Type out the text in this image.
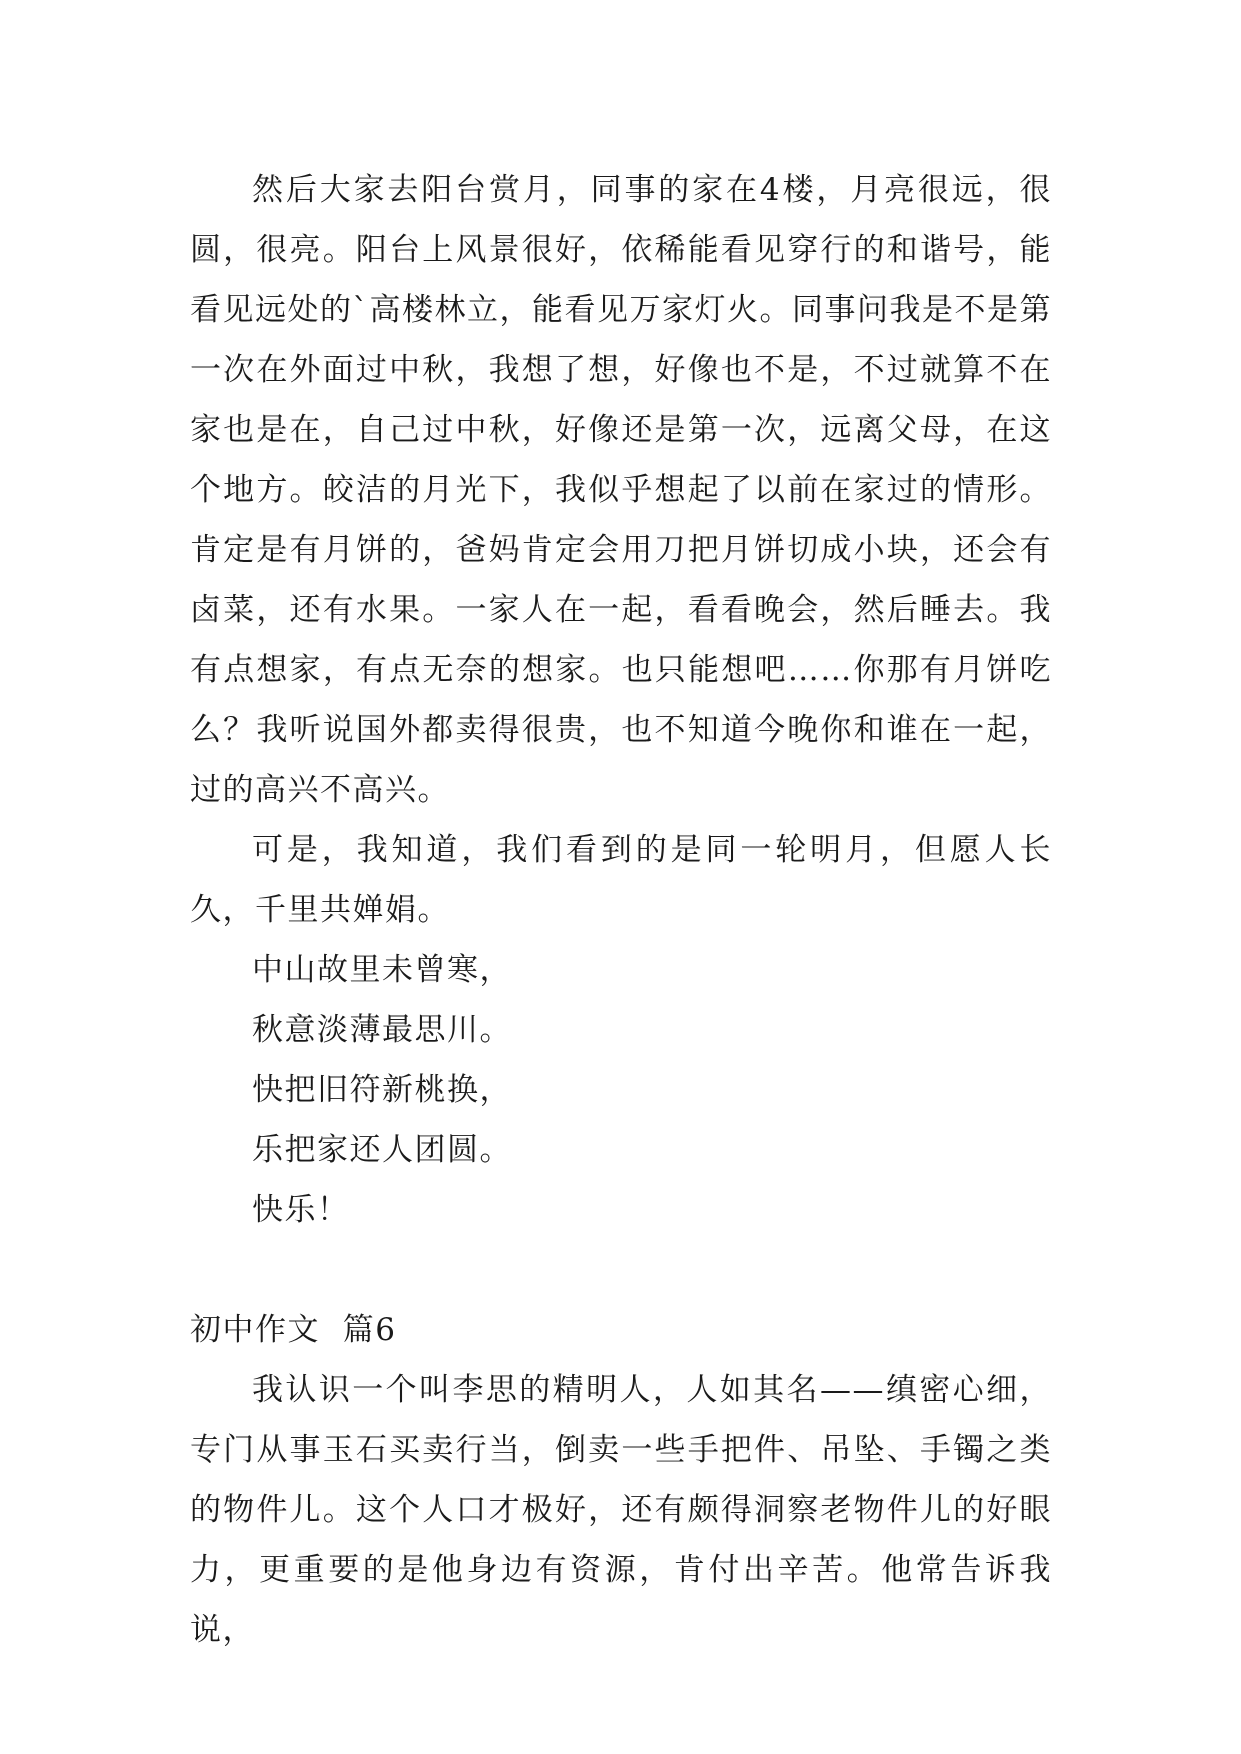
然后大家去阳台赏月，同事的家在4楼，月亮很远，很圆，很亮。阳台上风景很好，依稀能看见穿行的和谐号，能看见远处的`高楼林立，能看见万家灯火。同事问我是不是第一次在外面过中秋，我想了想，好像也不是，不过就算不在家也是在，自己过中秋，好像还是第一次，远离父母，在这个地方。皎洁的月光下，我似乎想起了以前在家过的情形。肯定是有月饼的，爸妈肯定会用刀把月饼切成小块，还会有卤菜，还有水果。一家人在一起，看看晚会，然后睡去。我有点想家，有点无奈的想家。也只能想吧……你那有月饼吃么？我听说国外都卖得很贵，也不知道今晚你和谁在一起，过的高兴不高兴。

可是，我知道，我们看到的是同一轮明月，但愿人长久，千里共婵娟。

中山故里未曾寒，

秋意淡薄最思川。

快把旧符新桃换，

乐把家还人团圆。

快乐！

初中作文  篇6

我认识一个叫李思的精明人，人如其名——缜密心细，专门从事玉石买卖行当，倒卖一些手把件、吊坠、手镯之类的物件儿。这个人口才极好，还有颇得洞察老物件儿的好眼力，更重要的是他身边有资源，肯付出辛苦。他常告诉我说，
